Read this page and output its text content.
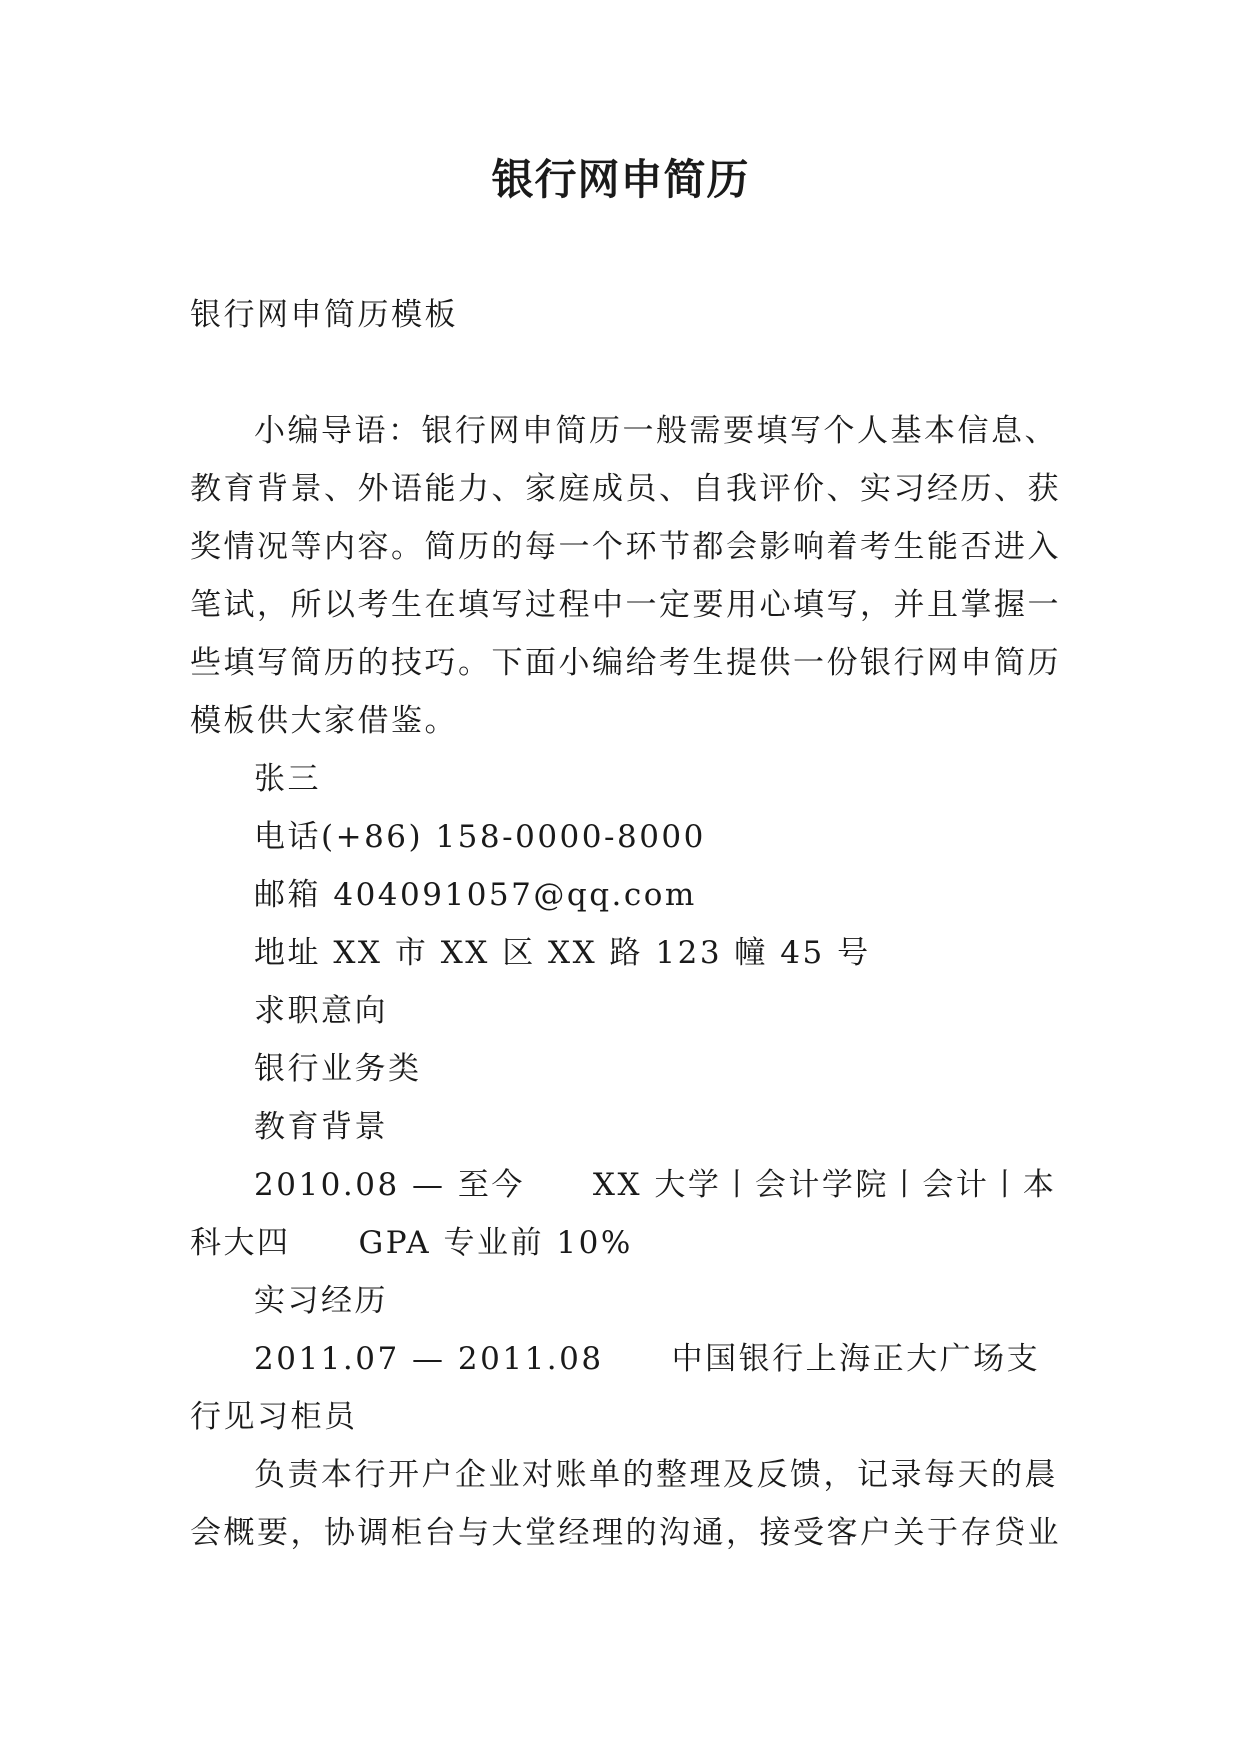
银行网申简历

银行网申简历模板

小编导语：银行网申简历一般需要填写个人基本信息、教育背景、外语能力、家庭成员、自我评价、实习经历、获奖情况等内容。简历的每一个环节都会影响着考生能否进入笔试，所以考生在填写过程中一定要用心填写，并且掌握一些填写简历的技巧。下面小编给考生提供一份银行网申简历模板供大家借鉴。

张三

电话(+86) 158-0000-8000

邮箱 404091057@qq.com

地址 XX 市 XX 区 XX 路 123 幢 45 号

求职意向

银行业务类

教育背景

2010.08 — 至今 XX 大学丨会计学院丨会计丨本科大四 GPA 专业前 10%

实习经历

2011.07 — 2011.08 中国银行上海正大广场支行见习柜员

负责本行开户企业对账单的整理及反馈，记录每天的晨会概要，协调柜台与大堂经理的沟通，接受客户关于存贷业
